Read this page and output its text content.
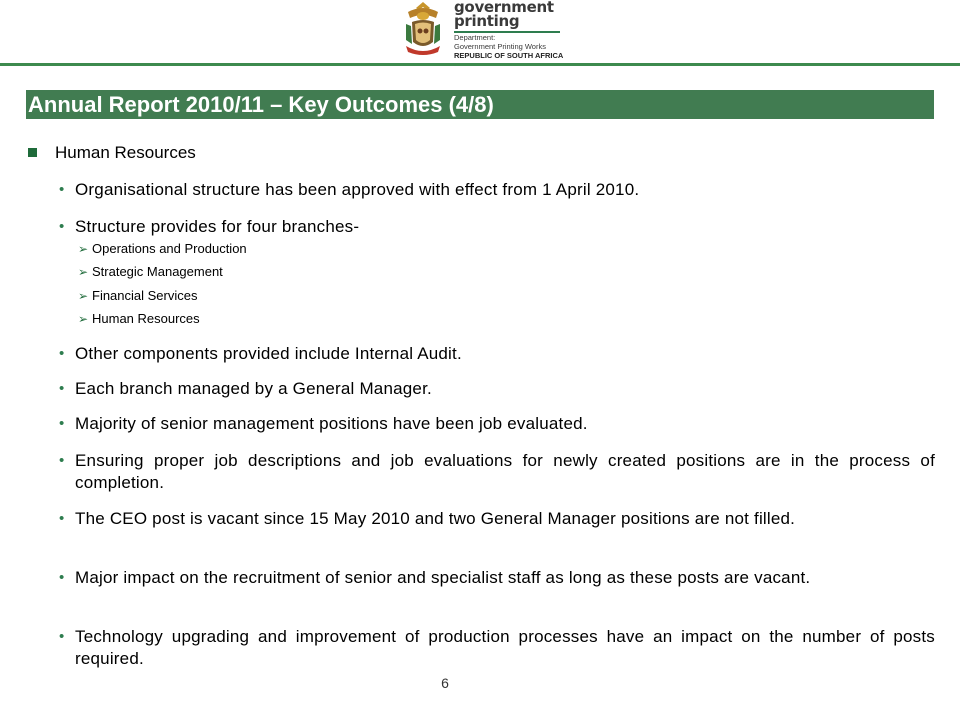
government
printing
Department:
Government Printing Works
REPUBLIC OF SOUTH AFRICA
Annual Report 2010/11 – Key Outcomes (4/8)
Human Resources
• Organisational structure has been approved with effect from 1 April 2010.
• Structure provides for four branches-
➢ Operations and Production
➢ Strategic Management
➢ Financial Services
➢ Human Resources
• Other components provided include Internal Audit.
• Each branch managed by a General Manager.
• Majority of senior management positions have been job evaluated.
• Ensuring proper job descriptions and job evaluations for newly created positions are in the process of completion.
• The CEO post is vacant since 15 May 2010 and two General Manager positions are not filled.
• Major impact on the recruitment of senior and specialist staff as long as these posts are vacant.
• Technology upgrading and improvement of production processes have an impact on the number of posts required.
6
